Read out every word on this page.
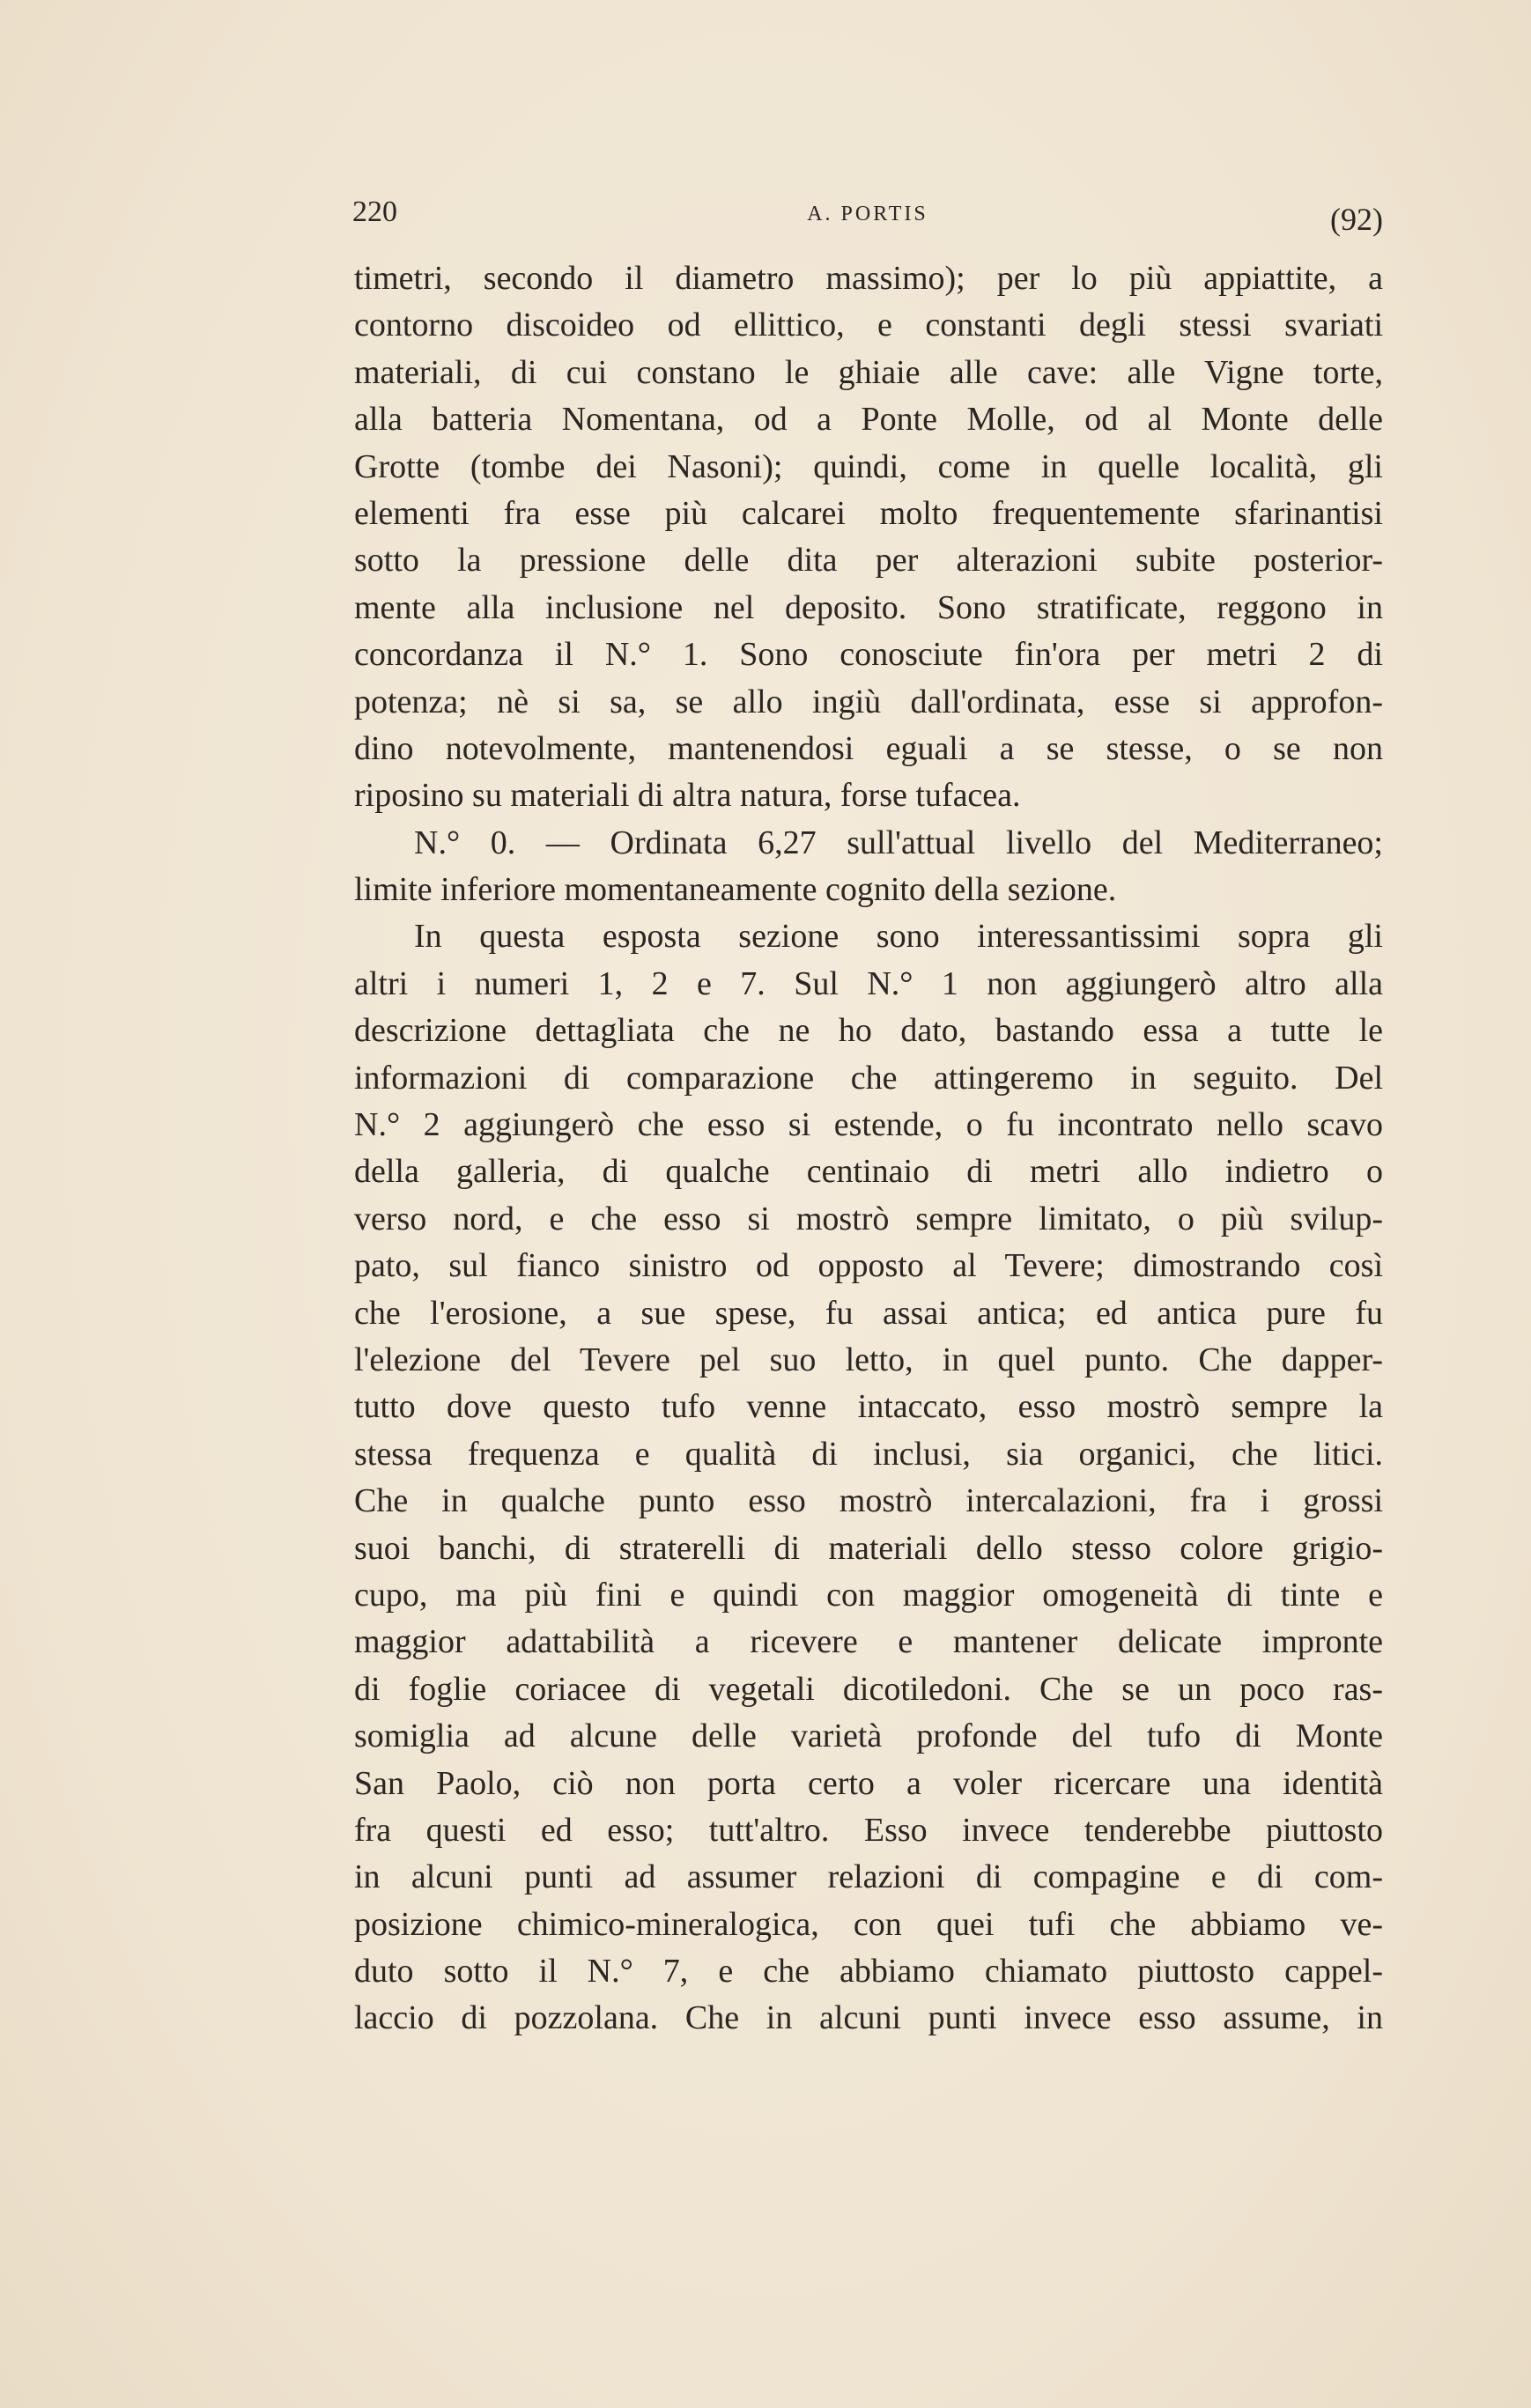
220	A. PORTIS	(92)
timetri, secondo il diametro massimo); per lo più appiattite, a
contorno discoideo od ellittico, e constanti degli stessi svariati
materiali, di cui constano le ghiaie alle cave: alle Vigne torte,
alla batteria Nomentana, od a Ponte Molle, od al Monte delle
Grotte (tombe dei Nasoni); quindi, come in quelle località, gli
elementi fra esse più calcarei molto frequentemente sfarinantisi
sotto la pressione delle dita per alterazioni subite posterior-
mente alla inclusione nel deposito. Sono stratificate, reggono in
concordanza il N.° 1. Sono conosciute fin'ora per metri 2 di
potenza; nè si sa, se allo ingiù dall'ordinata, esse si approfon-
dino notevolmente, mantenendosi eguali a se stesse, o se non
riposino su materiali di altra natura, forse tufacea.
N.° 0. — Ordinata 6,27 sull'attual livello del Mediterraneo;
limite inferiore momentaneamente cognito della sezione.
In questa esposta sezione sono interessantissimi sopra gli
altri i numeri 1, 2 e 7. Sul N.° 1 non aggiungerò altro alla
descrizione dettagliata che ne ho dato, bastando essa a tutte le
informazioni di comparazione che attingeremo in seguito. Del
N.° 2 aggiungerò che esso si estende, o fu incontrato nello scavo
della galleria, di qualche centinaio di metri allo indietro o
verso nord, e che esso si mostrò sempre limitato, o più svilup-
pato, sul fianco sinistro od opposto al Tevere; dimostrando così
che l'erosione, a sue spese, fu assai antica; ed antica pure fu
l'elezione del Tevere pel suo letto, in quel punto. Che dapper-
tutto dove questo tufo venne intaccato, esso mostrò sempre la
stessa frequenza e qualità di inclusi, sia organici, che litici.
Che in qualche punto esso mostrò intercalazioni, fra i grossi
suoi banchi, di straterelli di materiali dello stesso colore grigio-
cupo, ma più fini e quindi con maggior omogeneità di tinte e
maggior adattabilità a ricevere e mantener delicate impronte
di foglie coriacee di vegetali dicotiledoni. Che se un poco ras-
somiglia ad alcune delle varietà profonde del tufo di Monte
San Paolo, ciò non porta certo a voler ricercare una identità
fra questi ed esso; tutt'altro. Esso invece tenderebbe piuttosto
in alcuni punti ad assumer relazioni di compagine e di com-
posizione chimico-mineralogica, con quei tufi che abbiamo ve-
duto sotto il N.° 7, e che abbiamo chiamato piuttosto cappel-
laccio di pozzolana. Che in alcuni punti invece esso assume, in
